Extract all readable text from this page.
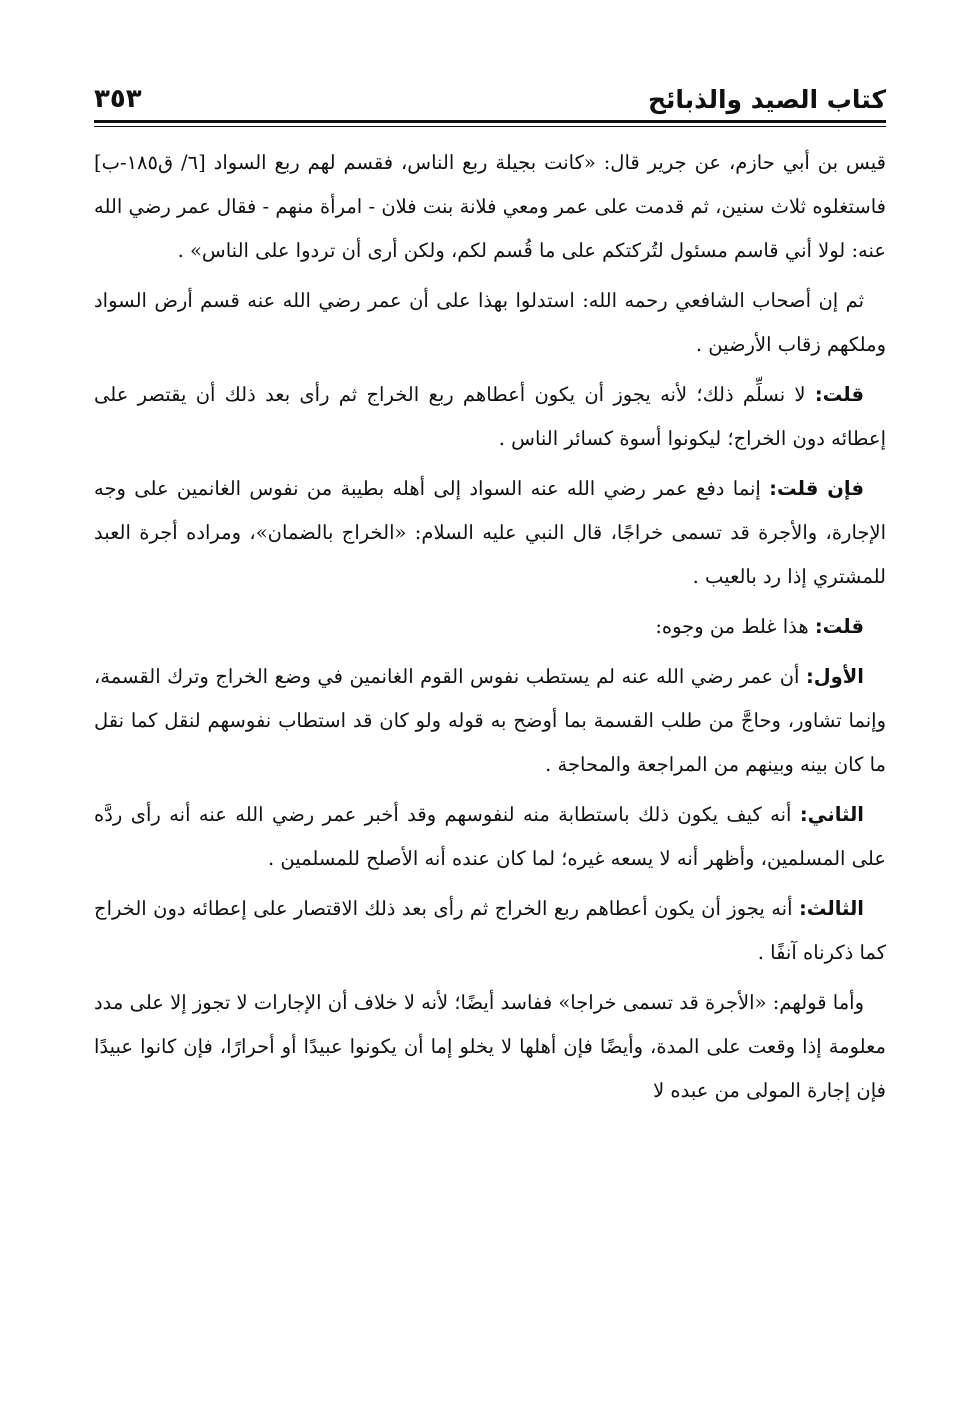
كتاب الصيد والذبائح
٣٥٣

قيس بن أبي حازم، عن جرير قال: «كانت بجيلة ربع الناس، فقسم لهم ربع السواد [٦/ ق١٨٥-ب] فاستغلوه ثلاث سنين، ثم قدمت على عمر ومعي فلانة بنت فلان - امرأة منهم - فقال عمر رضي الله عنه: لولا أني قاسم مسئول لتُركتكم على ما قُسم لكم، ولكن أرى أن تردوا على الناس» .

ثم إن أصحاب الشافعي رحمه الله: استدلوا بهذا على أن عمر رضي الله عنه قسم أرض السواد وملكهم زقاب الأرضين .

قلت: لا نسلِّم ذلك؛ لأنه يجوز أن يكون أعطاهم ربع الخراج ثم رأى بعد ذلك أن يقتصر على إعطائه دون الخراج؛ ليكونوا أسوة كسائر الناس .

فإن قلت: إنما دفع عمر رضي الله عنه السواد إلى أهله بطيبة من نفوس الغانمين على وجه الإجارة، والأجرة قد تسمى خراجًا، قال النبي عليه السلام: «الخراج بالضمان»، ومراده أجرة العبد للمشتري إذا رد بالعيب .

قلت: هذا غلط من وجوه:

الأول: أن عمر رضي الله عنه لم يستطب نفوس القوم الغانمين في وضع الخراج وترك القسمة، وإنما تشاور، وحاجَّ من طلب القسمة بما أوضح به قوله ولو كان قد استطاب نفوسهم لنقل كما نقل ما كان بينه وبينهم من المراجعة والمحاجة .

الثاني: أنه كيف يكون ذلك باستطابة منه لنفوسهم وقد أخبر عمر رضي الله عنه أنه رأى ردَّه على المسلمين، وأظهر أنه لا يسعه غيره؛ لما كان عنده أنه الأصلح للمسلمين .

الثالث: أنه يجوز أن يكون أعطاهم ربع الخراج ثم رأى بعد ذلك الاقتصار على إعطائه دون الخراج كما ذكرناه آنفًا .

وأما قولهم: «الأجرة قد تسمى خراجا» ففاسد أيضًا؛ لأنه لا خلاف أن الإجارات لا تجوز إلا على مدد معلومة إذا وقعت على المدة، وأيضًا فإن أهلها لا يخلو إما أن يكونوا عبيدًا أو أحرارًا، فإن كانوا عبيدًا فإن إجارة المولى من عبده لا
